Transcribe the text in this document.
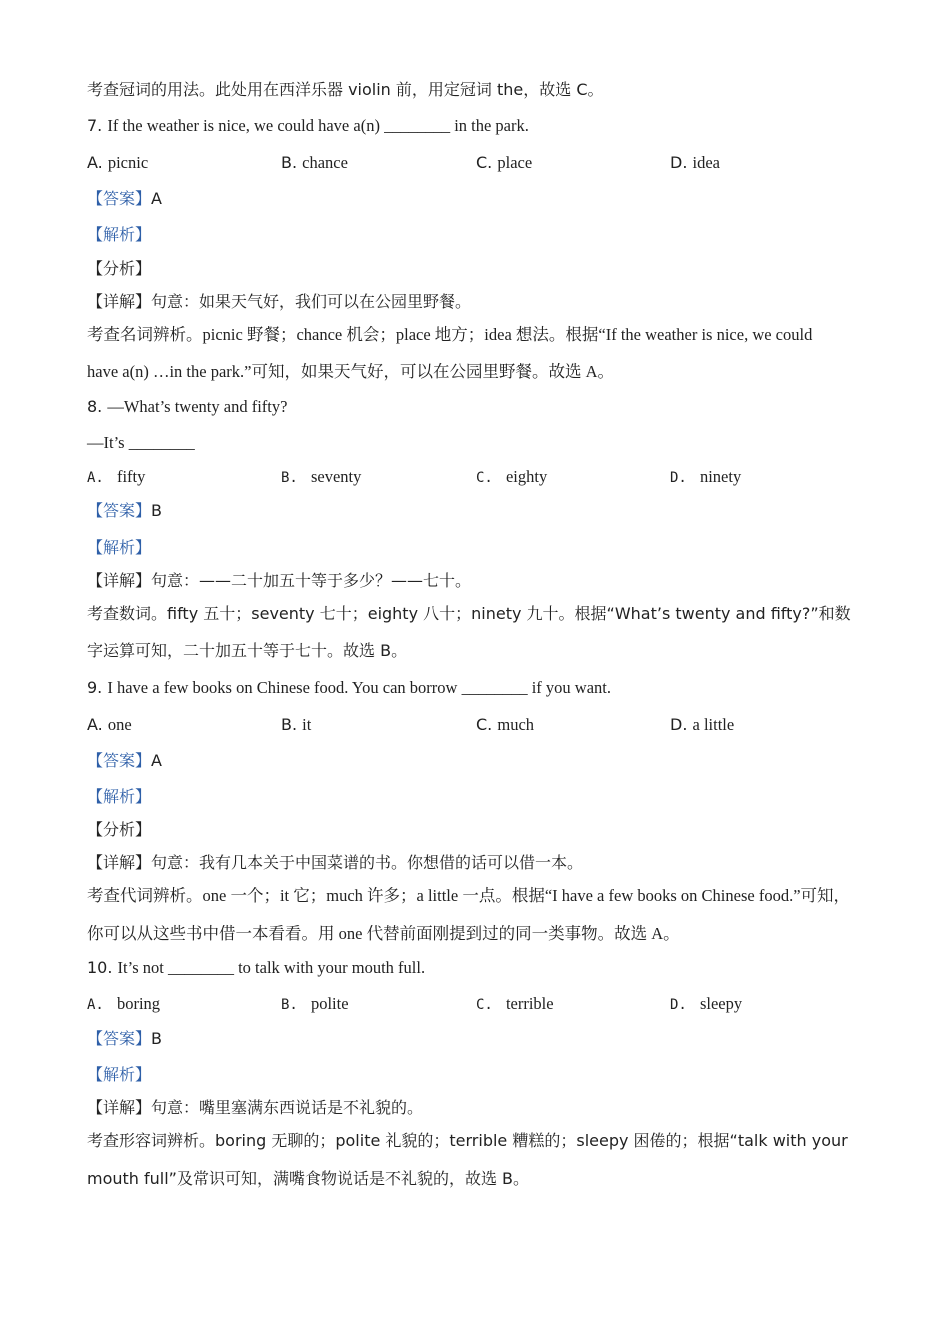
考查冠词的用法。此处用在西洋乐器 violin 前，用定冠词 the，故选 C。
7. If the weather is nice, we could have a(n) ________ in the park.
A. picnic	B. chance	C. place	D. idea
【答案】A
【解析】
【分析】
【详解】句意：如果天气好，我们可以在公园里野餐。
考查名词辨析。picnic 野餐；chance 机会；place 地方；idea 想法。根据“If the weather is nice, we could
have a(n) …in the park.”可知，如果天气好，可以在公园里野餐。故选 A。
8. —What’s twenty and fifty?
—It’s ________
A. fifty	B. seventy	C. eighty	D. ninety
【答案】B
【解析】
【详解】句意：——二十加五十等于多少？——七十。
考查数词。fifty 五十；seventy 七十；eighty 八十；ninety 九十。根据“What’s twenty and fifty?”和数
字运算可知，二十加五十等于七十。故选 B。
9. I have a few books on Chinese food. You can borrow ________ if you want.
A. one	B. it	C. much	D. a little
【答案】A
【解析】
【分析】
【详解】句意：我有几本关于中国菜谱的书。你想借的话可以借一本。
考查代词辨析。one 一个；it 它；much 许多；a little 一点。根据“I have a few books on Chinese food.”可知，
你可以从这些书中借一本看看。用 one 代替前面刚提到过的同一类事物。故选 A。
10. It’s not ________ to talk with your mouth full.
A. boring	B. polite	C. terrible	D. sleepy
【答案】B
【解析】
【详解】句意：嘴里塞满东西说话是不礼貌的。
考查形容词辨析。boring 无聊的；polite 礼貌的；terrible 糟糕的；sleepy 困倦的；根据“talk with your
mouth full”及常识可知，满嘴食物说话是不礼貌的，故选 B。
